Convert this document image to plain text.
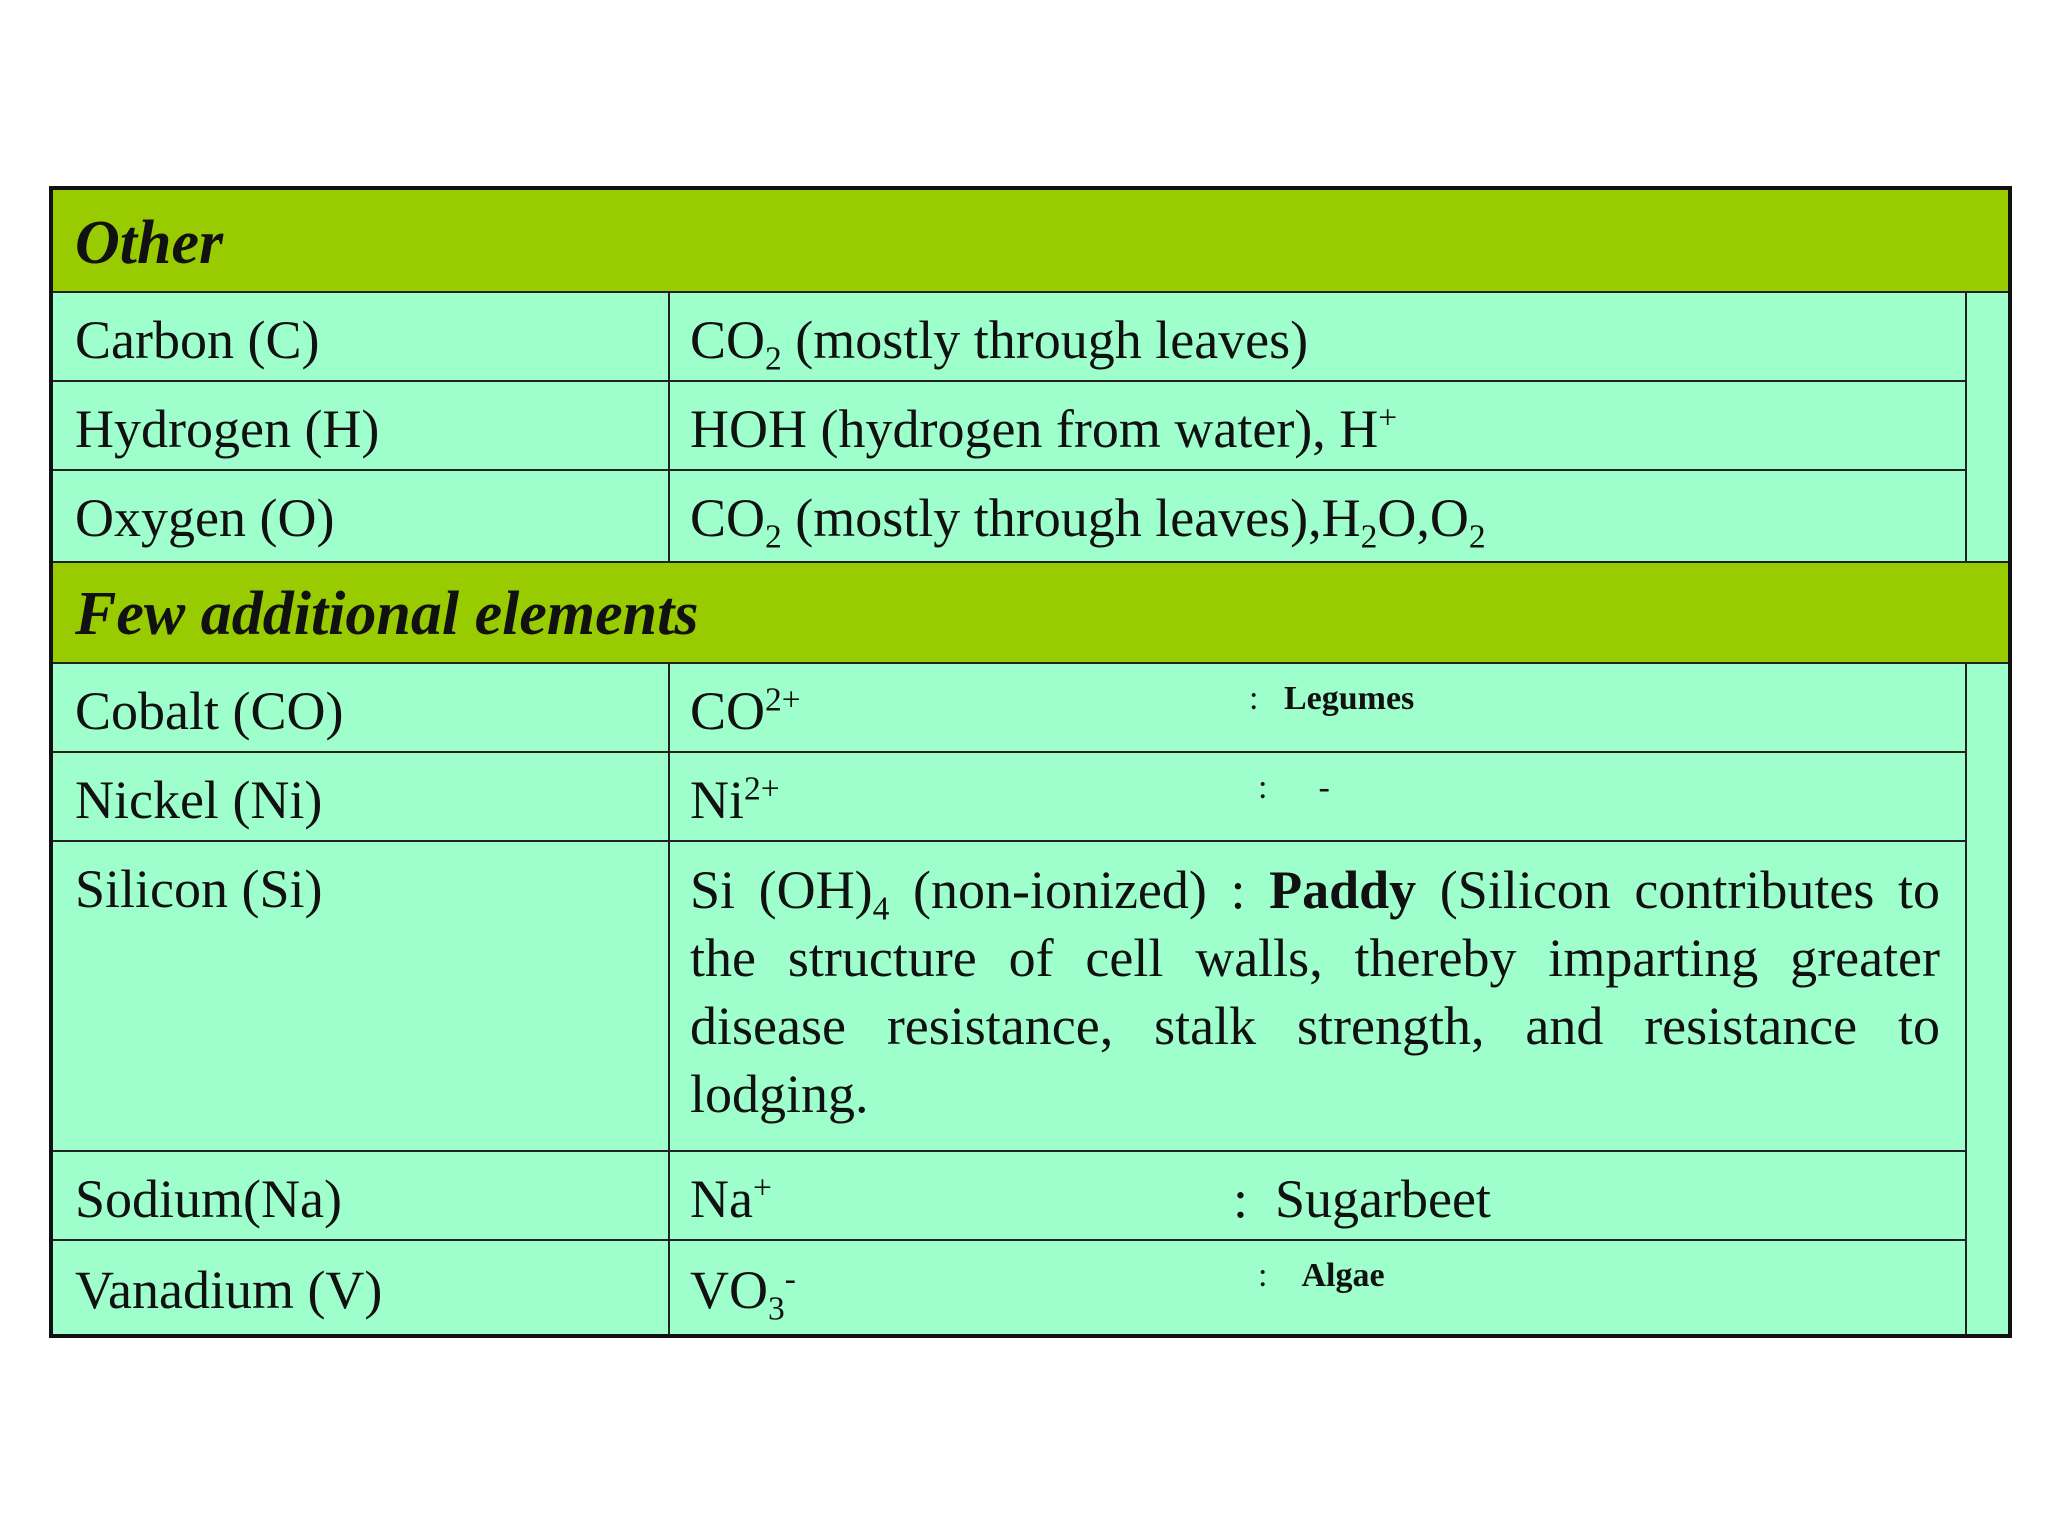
Other
Carbon (C)	$CO_2$ (mostly through leaves)
Hydrogen (H)	HOH (hydrogen from water), H+
Oxygen (O)	$CO_2$ (mostly through $leaves),H_2O,O_2$
Few additional elements
Cobalt (CO)	$CO^{2+}$	: Legumes
Nickel (Ni)	$Ni^{2+}$	: -
Silicon (Si)	Si $(OH)_4$ (non-ionized) : Paddy (Silicon contributes to the structure of cell walls, thereby imparting greater disease resistance, stalk strength, and resistance to lodging.
Sodium(Na)	Na+	: Sugarbeet
Vanadium (V)	$VO_3^-$	: Algae
